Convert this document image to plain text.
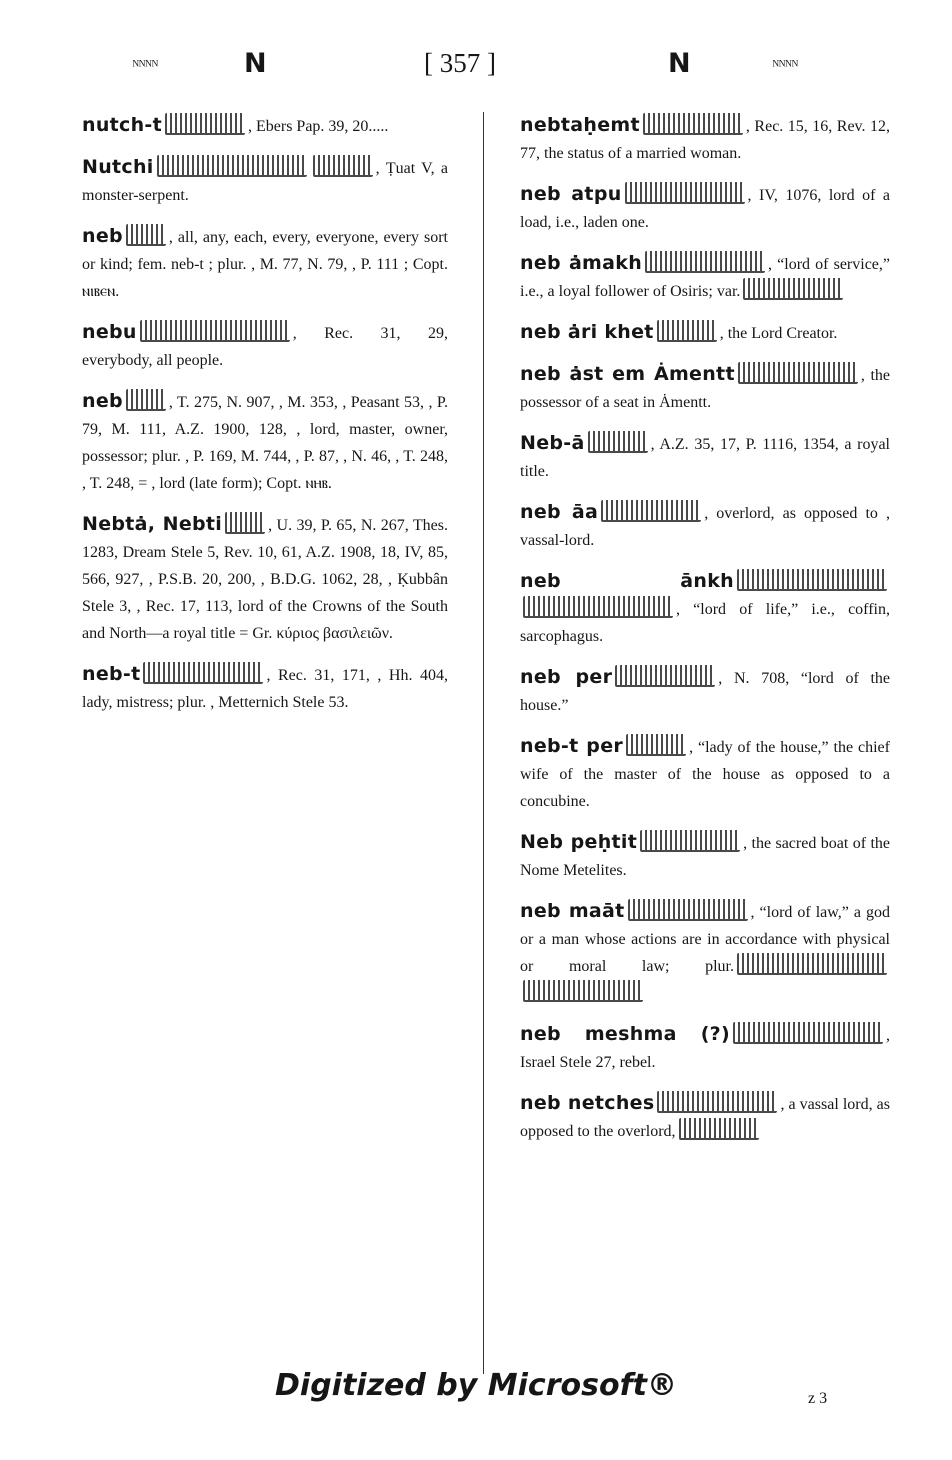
ᴺᴺᴺᴺ	N	[ 357 ]	N	ᴺᴺᴺᴺ

nutch-t	, Ebers Pap. 39, 20.....

Nutchi	, Ṭuat V, a monster-serpent.

neb	, all, any, each, every, everyone, every sort or kind; fem. neb-t ; plur. , M. 77, N. 79, , P. 111 ; Copt. ⲛⲓⲃⲉⲛ.

nebu	, Rec. 31, 29, everybody, all people.

neb	, T. 275, N. 907, , M. 353, , Peasant 53, , P. 79, M. 111, A.Z. 1900, 128, , lord, master, owner, possessor; plur. , P. 169, M. 744, , P. 87, , N. 46, , T. 248, , T. 248, = , lord (late form); Copt. ⲛⲏⲃ.

Nebtȧ, Nebti	, U. 39, P. 65, N. 267, Thes. 1283, Dream Stele 5, Rev. 10, 61, A.Z. 1908, 18, IV, 85, 566, 927, , P.S.B. 20, 200, , B.D.G. 1062, 28, , Ḳubbân Stele 3, , Rec. 17, 113, lord of the Crowns of the South and North—a royal title = Gr. κύριος βασιλειῶν.

neb-t	, Rec. 31, 171, , Hh. 404, lady, mistress; plur. , Metternich Stele 53.

nebtaḥemt	, Rec. 15, 16, Rev. 12, 77, the status of a married woman.

neb atpu	, IV, 1076, lord of a load, i.e., laden one.

neb ȧmakh	, “lord of service,” i.e., a loyal follower of Osiris; var.

neb ȧri khet	, the Lord Creator.

neb ȧst em Ȧmentt	, the possessor of a seat in Ȧmentt.

Neb-ā	, A.Z. 35, 17, P. 1116, 1354, a royal title.

neb āa	, overlord, as opposed to , vassal-lord.

neb ānkh, “lord of life,” i.e., coffin, sarcophagus.

neb per	, N. 708, “lord of the house.”

neb-t per	, “lady of the house,” the chief wife of the master of the house as opposed to a concubine.

Neb peḥtit	, the sacred boat of the Nome Metelites.

neb maāt	, “lord of law,” a god or a man whose actions are in accordance with physical or moral law; plur.

neb meshma (?)	, Israel Stele 27, rebel.

neb netches	, a vassal lord, as opposed to the overlord,

Digitized by Microsoft®	z 3
